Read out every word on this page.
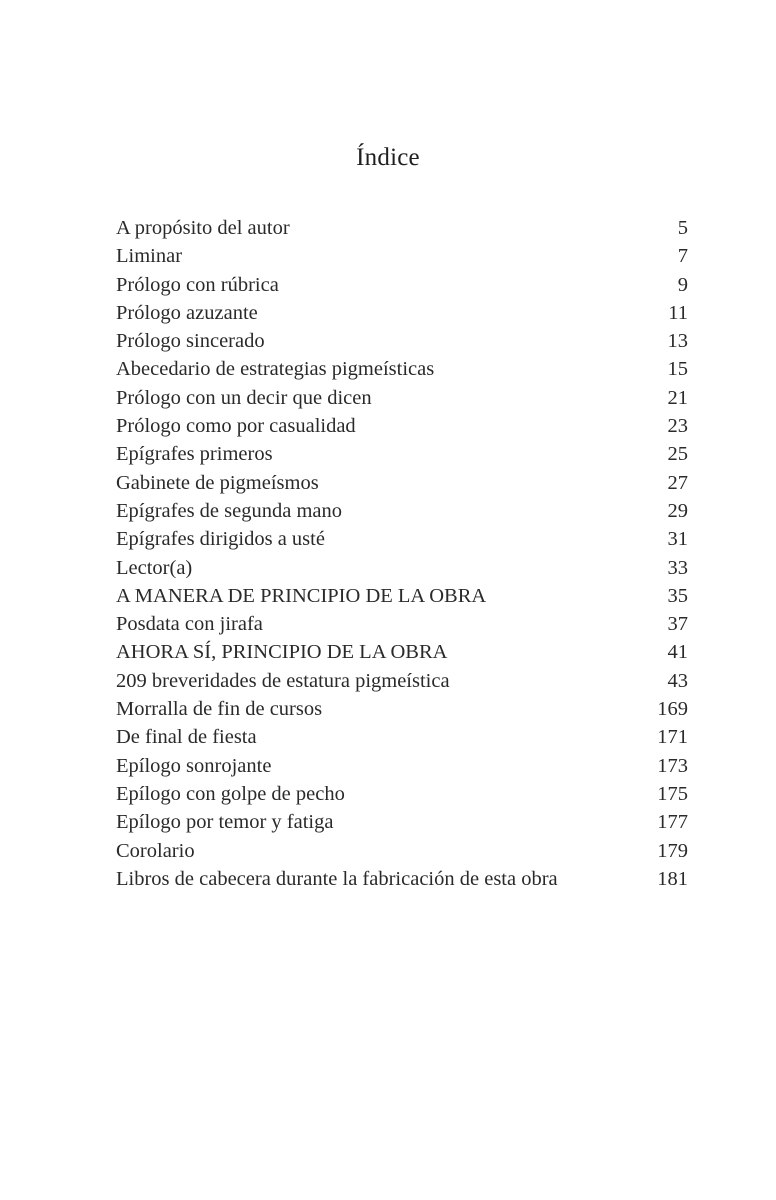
Índice
A propósito del autor	5
Liminar	7
Prólogo con rúbrica	9
Prólogo azuzante	11
Prólogo sincerado	13
Abecedario de estrategias pigmeísticas	15
Prólogo con un decir que dicen	21
Prólogo como por casualidad	23
Epígrafes primeros	25
Gabinete de pigmeísmos	27
Epígrafes de segunda mano	29
Epígrafes dirigidos a usté	31
Lector(a)	33
A MANERA DE PRINCIPIO DE LA OBRA	35
Posdata con jirafa	37
AHORA SÍ, PRINCIPIO DE LA OBRA	41
209 breveridades de estatura pigmeística	43
Morralla de fin de cursos	169
De final de fiesta	171
Epílogo sonrojante	173
Epílogo con golpe de pecho	175
Epílogo por temor y fatiga	177
Corolario	179
Libros de cabecera durante la fabricación de esta obra	181
